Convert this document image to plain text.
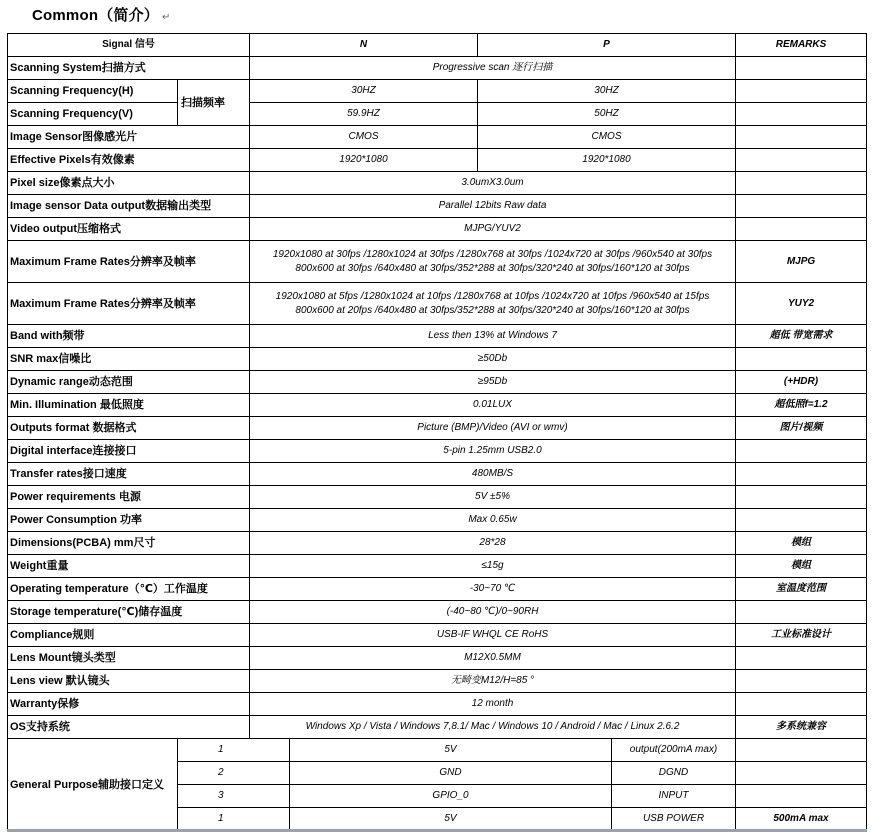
Common（简介） ↵
Signal 信号		N		P		REMARKS
Scanning System扫描方式		Progressive scan 逐行扫描				
Scanning Frequency(H)	扫描频率	30HZ		30HZ		
Scanning Frequency(V)		59.9HZ		50HZ		
Image Sensor图像感光片		CMOS		CMOS		
Effective Pixels有效像素		1920*1080		1920*1080		
Pixel size像素点大小		3.0umX3.0um				
Image sensor Data output数据输出类型		Parallel 12bits Raw data				
Video output压缩格式		MJPG/YUV2				
Maximum Frame Rates分辨率及帧率		1920x1080 at 30fps /1280x1024 at 30fps /1280x768 at 30fps /1024x720 at 30fps /960x540 at 30fps
800x600 at 30fps /640x480 at 30fps/352*288 at 30fps/320*240 at 30fps/160*120 at 30fps				MJPG
Maximum Frame Rates分辨率及帧率		1920x1080 at 5fps /1280x1024 at 10fps /1280x768 at 10fps /1024x720 at 10fps /960x540 at 15fps
800x600 at 20fps /640x480 at 30fps/352*288 at 30fps/320*240 at 30fps/160*120 at 30fps				YUY2
Band with频带		Less then 13% at Windows 7				超低 带宽需求
SNR max信噪比		≥50Db				
Dynamic range动态范围		≥95Db				(+HDR)
Min. Illumination 最低照度		0.01LUX				超低照f=1.2
Outputs format 数据格式		Picture (BMP)/Video (AVI or wmv)				图片/视频
Digital interface连接接口		5-pin 1.25mm USB2.0				
Transfer rates接口速度		480MB/S				
Power requirements 电源		5V ±5%				
Power Consumption 功率		Max 0.65w				
Dimensions(PCBA) mm尺寸		28*28				模组
Weight重量		≤15g				模组
Operating temperature（℃）工作温度		-30~70 ℃				室温度范围
Storage temperature(℃)储存温度		(-40~80 ℃)/0~90RH				
Compliance规则		USB-IF WHQL CE RoHS				工业标准设计
Lens Mount镜头类型		M12X0.5MM				
Lens view 默认镜头		无畸变M12/H=85 °				
Warranty保修		12 month				
OS支持系统		Windows Xp / Vista / Windows 7,8.1/ Mac / Windows 10 / Android / Mac / Linux 2.6.2				多系统兼容
General Purpose辅助接口定义	1		5V		output(200mA max)	
	2		GND		DGND	
	3		GPIO_0		INPUT	
	1		5V		USB POWER	500mA max
